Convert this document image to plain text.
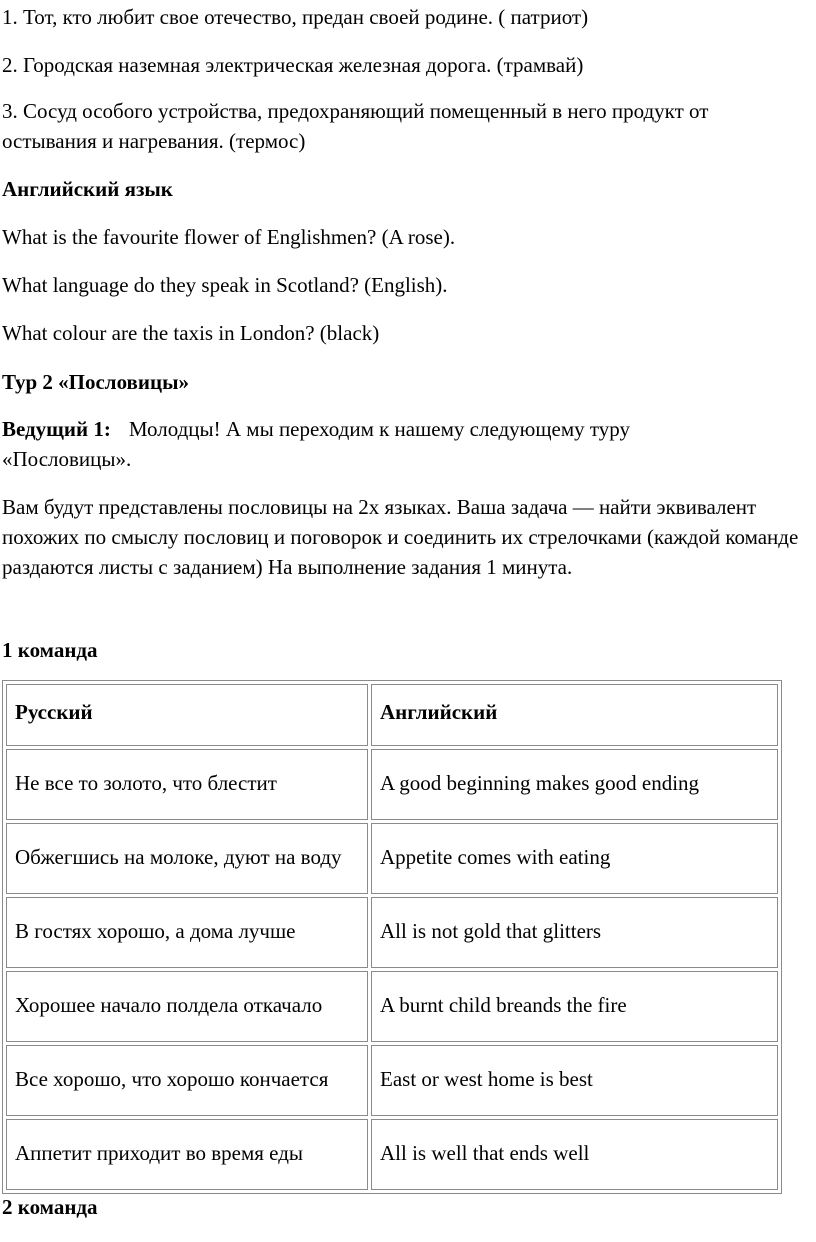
1. Тот, кто любит свое отечество, предан своей родине. ( патриот)

2. Городская наземная электрическая железная дорога. (трамвай)

3. Сосуд особого устройства, предохраняющий помещенный в него продукт от остывания и нагревания. (термос)

Английский язык

What is the favourite flower of Englishmen? (A rose).

What language do they speak in Scotland? (English).

What colour are the taxis in London? (black)

Тур 2 «Пословицы»

Ведущий 1: Молодцы! А мы переходим к нашему следующему туру «Пословицы».

Вам будут представлены пословицы на 2х языках. Ваша задача — найти эквивалент похожих по смыслу пословиц и поговорок и соединить их стрелочками (каждой команде раздаются листы с заданием) На выполнение задания 1 минута.

1 команда

Русский	Английский
Не все то золото, что блестит	A good beginning makes good ending
Обжегшись на молоке, дуют на воду	Appetite comes with eating
В гостях хорошо, а дома лучше	All is not gold that glitters
Хорошее начало полдела откачало	A burnt child breands the fire
Все хорошо, что хорошо кончается	East or west home is best
Аппетит приходит во время еды	All is well that ends well

2 команда
